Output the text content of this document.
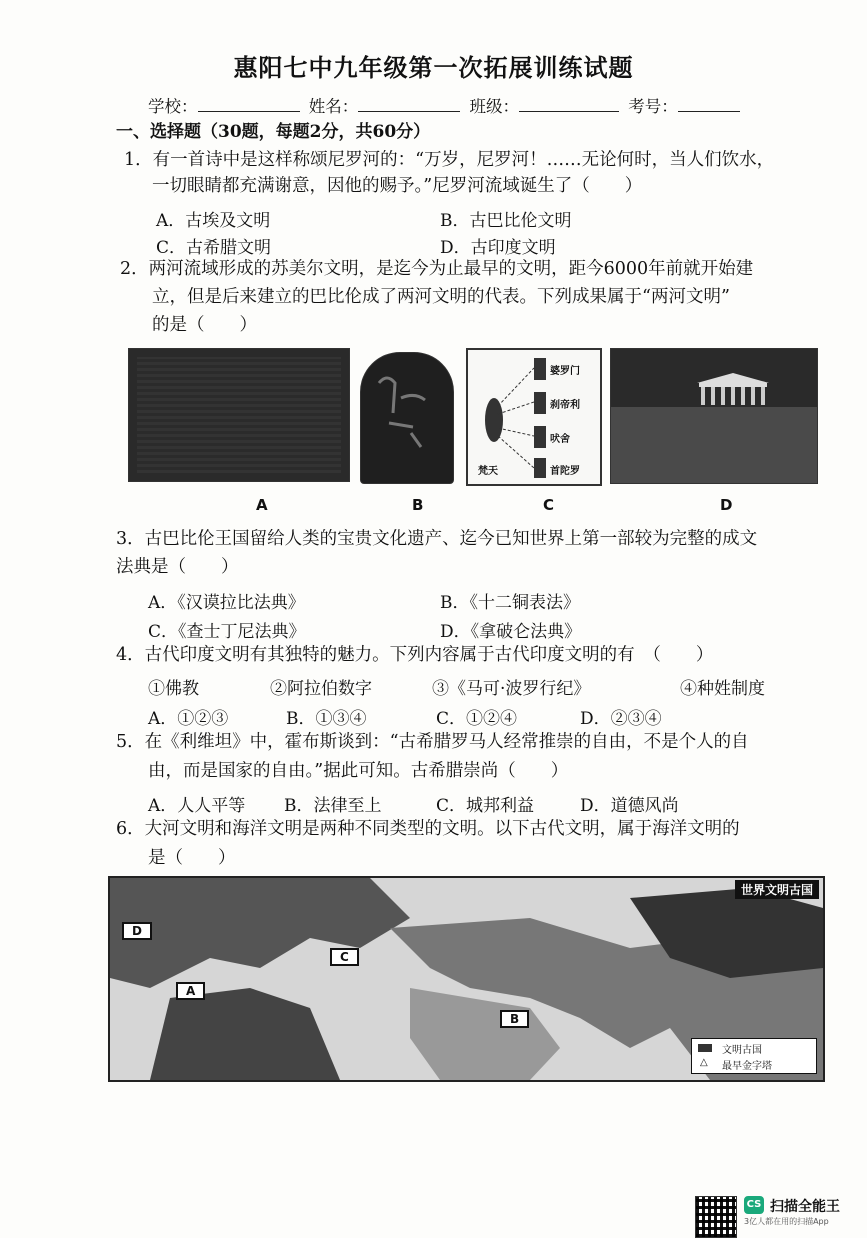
惠阳七中九年级第一次拓展训练试题
学校：	姓名：	班级：	考号：
一、选择题（30题，每题2分，共60分）
1．有一首诗中是这样称颂尼罗河的：“万岁，尼罗河！……无论何时，当人们饮水，
一切眼睛都充满谢意，因他的赐予。”尼罗河流域诞生了（　　）
A．古埃及文明	B．古巴比伦文明
C．古希腊文明	D．古印度文明
2．两河流域形成的苏美尔文明，是迄今为止最早的文明，距今6000年前就开始建
立，但是后来建立的巴比伦成了两河文明的代表。下列成果属于“两河文明”
的是（　　）
婆罗门
刹帝利
吠舍
首陀罗
梵天
A	B	C	D
3．古巴比伦王国留给人类的宝贵文化遗产、迄今已知世界上第一部较为完整的成文
法典是（　　）
A．《汉谟拉比法典》	B．《十二铜表法》
C．《查士丁尼法典》	D．《拿破仑法典》
4．古代印度文明有其独特的魅力。下列内容属于古代印度文明的有　（　　）
①佛教	②阿拉伯数字	③《马可·波罗行纪》	④种姓制度
A．①②③	B．①③④	C．①②④	D．②③④
5．在《利维坦》中，霍布斯谈到：“古希腊罗马人经常推崇的自由，不是个人的自
由，而是国家的自由。”据此可知。古希腊崇尚（　　）
A．人人平等 B．法律至上	C．城邦利益	D．道德风尚
6．大河文明和海洋文明是两种不同类型的文明。以下古代文明，属于海洋文明的
是（　　）
世界文明古国
D
C
A
B
文明古国
△ 最早金字塔
CS 扫描全能王
3亿人都在用的扫描App
